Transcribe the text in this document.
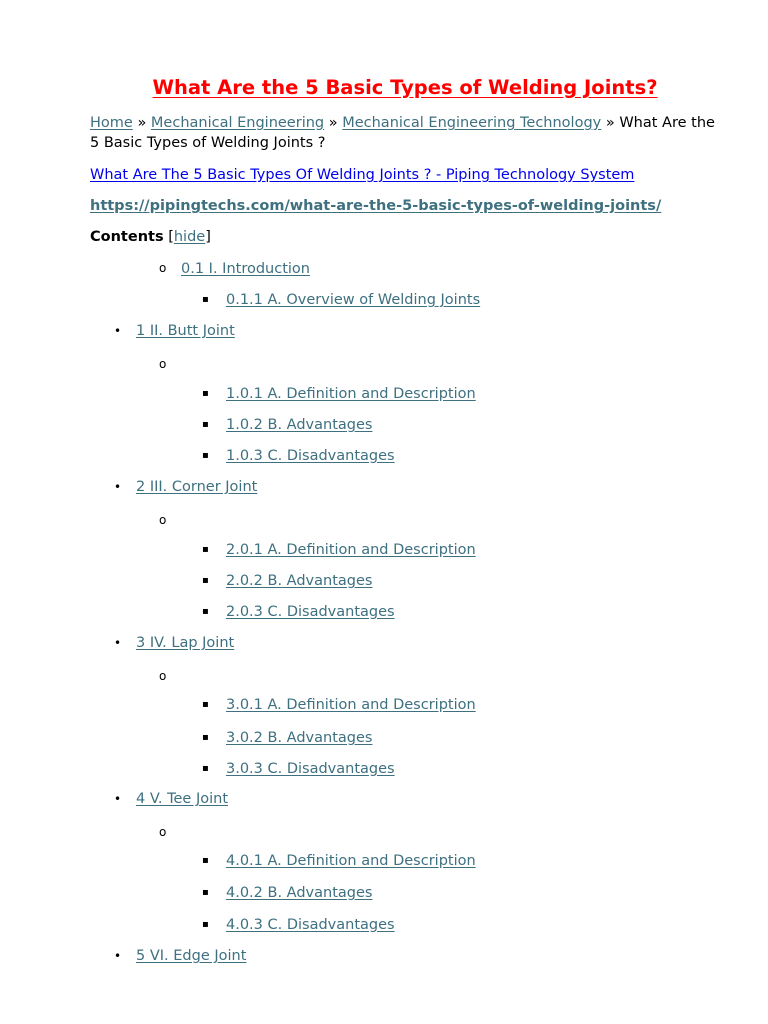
What Are the 5 Basic Types of Welding Joints?
Home » Mechanical Engineering » Mechanical Engineering Technology » What Are the 5 Basic Types of Welding Joints ?
What Are The 5 Basic Types Of Welding Joints ? - Piping Technology System
https://pipingtechs.com/what-are-the-5-basic-types-of-welding-joints/
Contents [hide]
o 0.1 I. Introduction
▪ 0.1.1 A. Overview of Welding Joints
• 1 II. Butt Joint
o
▪ 1.0.1 A. Definition and Description
▪ 1.0.2 B. Advantages
▪ 1.0.3 C. Disadvantages
• 2 III. Corner Joint
o
▪ 2.0.1 A. Definition and Description
▪ 2.0.2 B. Advantages
▪ 2.0.3 C. Disadvantages
• 3 IV. Lap Joint
o
▪ 3.0.1 A. Definition and Description
▪ 3.0.2 B. Advantages
▪ 3.0.3 C. Disadvantages
• 4 V. Tee Joint
o
▪ 4.0.1 A. Definition and Description
▪ 4.0.2 B. Advantages
▪ 4.0.3 C. Disadvantages
• 5 VI. Edge Joint
